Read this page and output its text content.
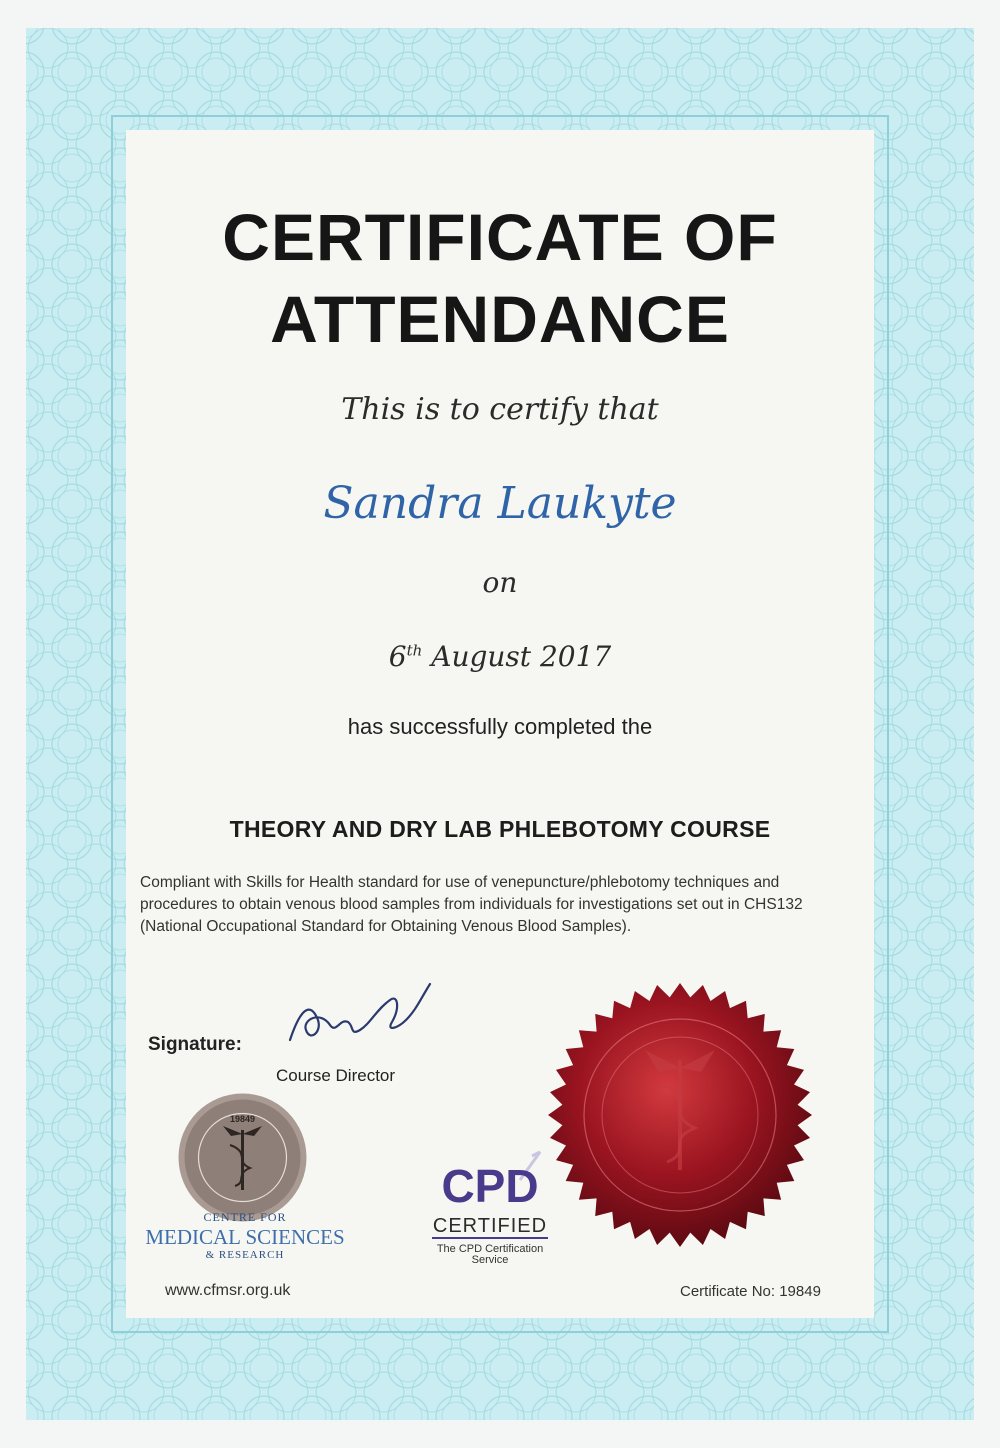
CERTIFICATE OF
ATTENDANCE

This is to certify that

Sandra Laukyte

on

6th August 2017

has successfully completed the

THEORY AND DRY LAB PHLEBOTOMY COURSE

Compliant with Skills for Health standard for use of venepuncture/phlebotomy techniques and procedures to obtain venous blood samples from individuals for investigations set out in CHS132 (National Occupational Standard for Obtaining Venous Blood Samples).

Signature:

Course Director

19849
CENTRE FOR
MEDICAL SCIENCES
& RESEARCH
CPD
CERTIFIED
The CPD Certification
Service

www.cfmsr.org.uk	Certificate No: 19849
